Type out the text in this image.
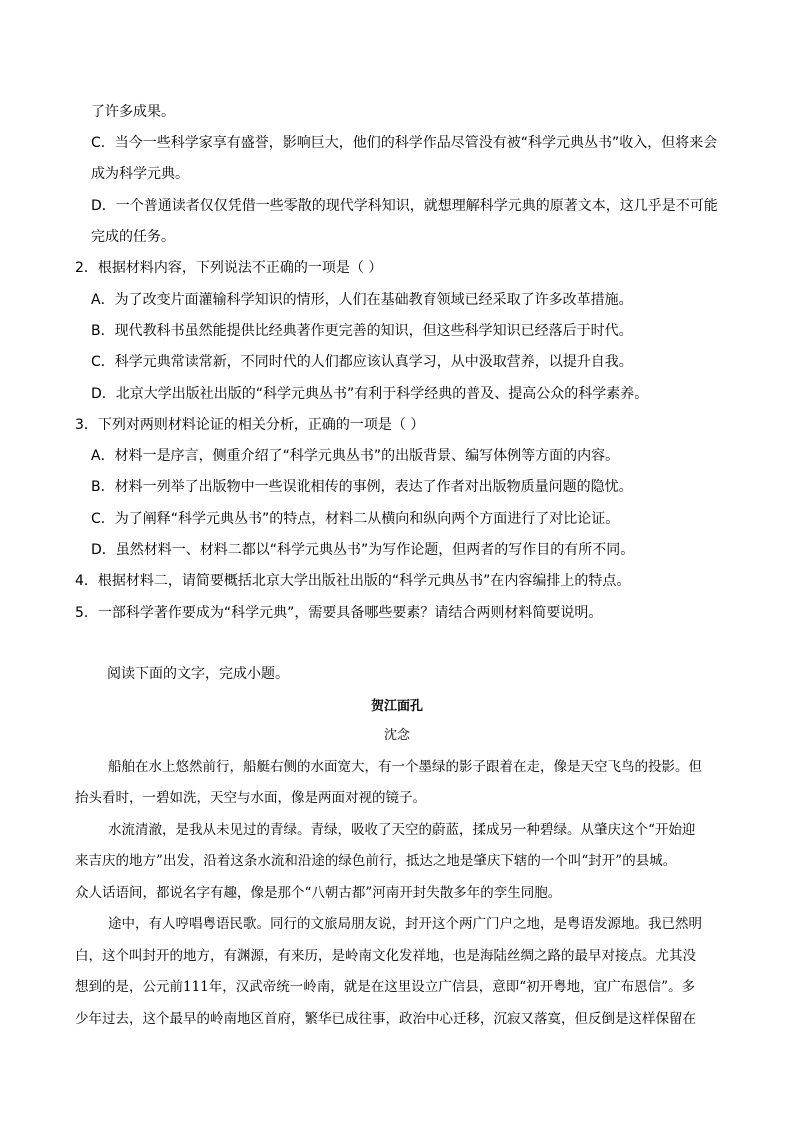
了许多成果。
C．当今一些科学家享有盛誉，影响巨大，他们的科学作品尽管没有被“科学元典丛书”收入，但将来会
成为科学元典。
D．一个普通读者仅仅凭借一些零散的现代学科知识，就想理解科学元典的原著文本，这几乎是不可能
完成的任务。
2．根据材料内容，下列说法不正确的一项是（ ）
A．为了改变片面灌输科学知识的情形，人们在基础教育领域已经采取了许多改革措施。
B．现代教科书虽然能提供比经典著作更完善的知识，但这些科学知识已经落后于时代。
C．科学元典常读常新，不同时代的人们都应该认真学习，从中汲取营养，以提升自我。
D．北京大学出版社出版的“科学元典丛书”有利于科学经典的普及、提高公众的科学素养。
3．下列对两则材料论证的相关分析，正确的一项是（ ）
A．材料一是序言，侧重介绍了“科学元典丛书”的出版背景、编写体例等方面的内容。
B．材料一列举了出版物中一些误讹相传的事例，表达了作者对出版物质量问题的隐忧。
C．为了阐释“科学元典丛书”的特点，材料二从横向和纵向两个方面进行了对比论证。
D．虽然材料一、材料二都以“科学元典丛书”为写作论题，但两者的写作目的有所不同。
4．根据材料二，请简要概括北京大学出版社出版的“科学元典丛书”在内容编排上的特点。
5．一部科学著作要成为“科学元典”，需要具备哪些要素？请结合两则材料简要说明。
阅读下面的文字，完成小题。
贺江面孔
沈念
船舶在水上悠然前行，船艇右侧的水面宽大，有一个墨绿的影子跟着在走，像是天空飞鸟的投影。但
抬头看时，一碧如洗，天空与水面，像是两面对视的镜子。
水流清澈，是我从未见过的青绿。青绿，吸收了天空的蔚蓝，揉成另一种碧绿。从肇庆这个“开始迎
来吉庆的地方”出发，沿着这条水流和沿途的绿色前行，抵达之地是肇庆下辖的一个叫“封开”的县城。
众人话语间，都说名字有趣，像是那个“八朝古都”河南开封失散多年的孪生同胞。
途中，有人哼唱粤语民歌。同行的文旅局朋友说，封开这个两广门户之地，是粤语发源地。我已然明
白，这个叫封开的地方，有渊源，有来历，是岭南文化发祥地，也是海陆丝绸之路的最早对接点。尤其没
想到的是，公元前111年，汉武帝统一岭南，就是在这里设立广信县，意即“初开粤地，宜广布恩信”。多
少年过去，这个最早的岭南地区首府，繁华已成往事，政治中心迁移，沉寂又落寞，但反倒是这样保留在
